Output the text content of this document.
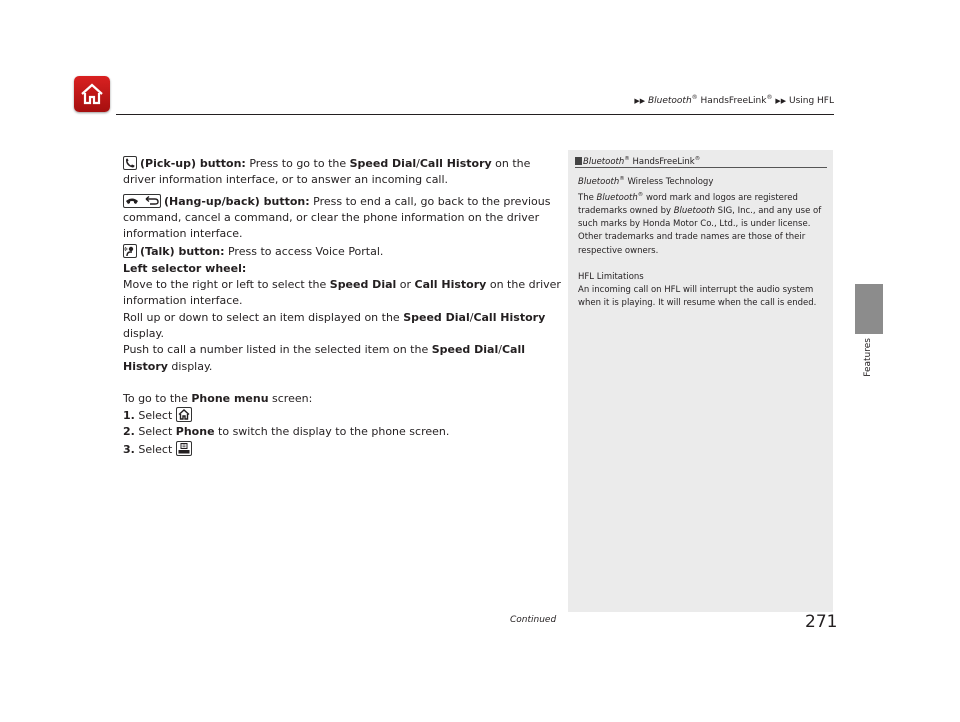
▶▶ Bluetooth® HandsFreeLink® ▶▶ Using HFL
Features

(Pick-up) button: Press to go to the Speed Dial/Call History on the driver information interface, or to answer an incoming call.

(Hang-up/back) button: Press to end a call, go back to the previous command, cancel a command, or clear the phone information on the driver information interface.

(Talk) button: Press to access Voice Portal.

Left selector wheel:

Move to the right or left to select the Speed Dial or Call History on the driver information interface.

Roll up or down to select an item displayed on the Speed Dial/Call History display.

Push to call a number listed in the selected item on the Speed Dial/Call History display.

To go to the Phone menu screen:

1. Select

2. Select Phone to switch the display to the phone screen.

3. Select

Bluetooth® HandsFreeLink®

Bluetooth® Wireless Technology

The Bluetooth® word mark and logos are registered trademarks owned by Bluetooth SIG, Inc., and any use of such marks by Honda Motor Co., Ltd., is under license. Other trademarks and trade names are those of their respective owners.

HFL Limitations

An incoming call on HFL will interrupt the audio system when it is playing. It will resume when the call is ended.

Continued	271
